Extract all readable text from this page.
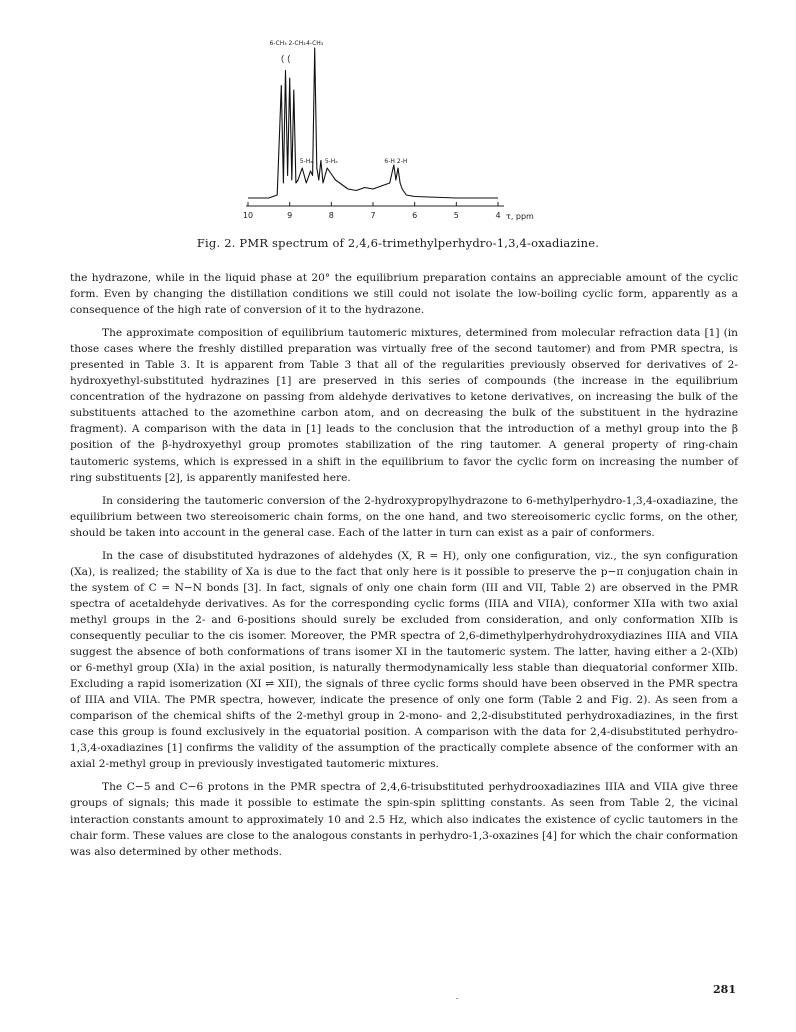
10	9	8	7	6	5	4 τ, ppm
6-CH₃ 2-CH₃ 4-CH₃
5-Hₐ 5-Hₑ	6-H 2-H
Fig. 2. PMR spectrum of 2,4,6-trimethylperhydro-1,3,4-oxadiazine.

the hydrazone, while in the liquid phase at 20° the equilibrium preparation contains an appreciable amount of the cyclic form. Even by changing the distillation conditions we still could not isolate the low-boiling cyclic form, apparently as a consequence of the high rate of conversion of it to the hydrazone.

The approximate composition of equilibrium tautomeric mixtures, determined from molecular refraction data [1] (in those cases where the freshly distilled preparation was virtually free of the second tautomer) and from PMR spectra, is presented in Table 3. It is apparent from Table 3 that all of the regularities previously observed for derivatives of 2-hydroxyethyl-substituted hydrazines [1] are preserved in this series of compounds (the increase in the equilibrium concentration of the hydrazone on passing from aldehyde derivatives to ketone derivatives, on increasing the bulk of the substituents attached to the azomethine carbon atom, and on decreasing the bulk of the substituent in the hydrazine fragment). A comparison with the data in [1] leads to the conclusion that the introduction of a methyl group into the β position of the β-hydroxyethyl group promotes stabilization of the ring tautomer. A general property of ring-chain tautomeric systems, which is expressed in a shift in the equilibrium to favor the cyclic form on increasing the number of ring substituents [2], is apparently manifested here.

In considering the tautomeric conversion of the 2-hydroxypropylhydrazone to 6-methylperhydro-1,3,4-oxadiazine, the equilibrium between two stereoisomeric chain forms, on the one hand, and two stereoisomeric cyclic forms, on the other, should be taken into account in the general case. Each of the latter in turn can exist as a pair of conformers.

In the case of disubstituted hydrazones of aldehydes (X, R = H), only one configuration, viz., the syn configuration (Xa), is realized; the stability of Xa is due to the fact that only here is it possible to preserve the p−π conjugation chain in the system of C = N−N bonds [3]. In fact, signals of only one chain form (III and VII, Table 2) are observed in the PMR spectra of acetaldehyde derivatives. As for the corresponding cyclic forms (IIIA and VIIA), conformer XIIa with two axial methyl groups in the 2- and 6-positions should surely be excluded from consideration, and only conformation XIIb is consequently peculiar to the cis isomer. Moreover, the PMR spectra of 2,6-dimethylperhydrohydroxydiazines IIIA and VIIA suggest the absence of both conformations of trans isomer XI in the tautomeric system. The latter, having either a 2-(XIb) or 6-methyl group (XIa) in the axial position, is naturally thermodynamically less stable than diequatorial conformer XIIb. Excluding a rapid isomerization (XI ⇌ XII), the signals of three cyclic forms should have been observed in the PMR spectra of IIIA and VIIA. The PMR spectra, however, indicate the presence of only one form (Table 2 and Fig. 2). As seen from a comparison of the chemical shifts of the 2-methyl group in 2-mono- and 2,2-disubstituted perhydroxadiazines, in the first case this group is found exclusively in the equatorial position. A comparison with the data for 2,4-disubstituted perhydro-1,3,4-oxadiazines [1] confirms the validity of the assumption of the practically complete absence of the conformer with an axial 2-methyl group in previously investigated tautomeric mixtures.

The C−5 and C−6 protons in the PMR spectra of 2,4,6-trisubstituted perhydrooxadiazines IIIA and VIIA give three groups of signals; this made it possible to estimate the spin-spin splitting constants. As seen from Table 2, the vicinal interaction constants amount to approximately 10 and 2.5 Hz, which also indicates the existence of cyclic tautomers in the chair form. These values are close to the analogous constants in perhydro-1,3-oxazines [4] for which the chair conformation was also determined by other methods.

281
